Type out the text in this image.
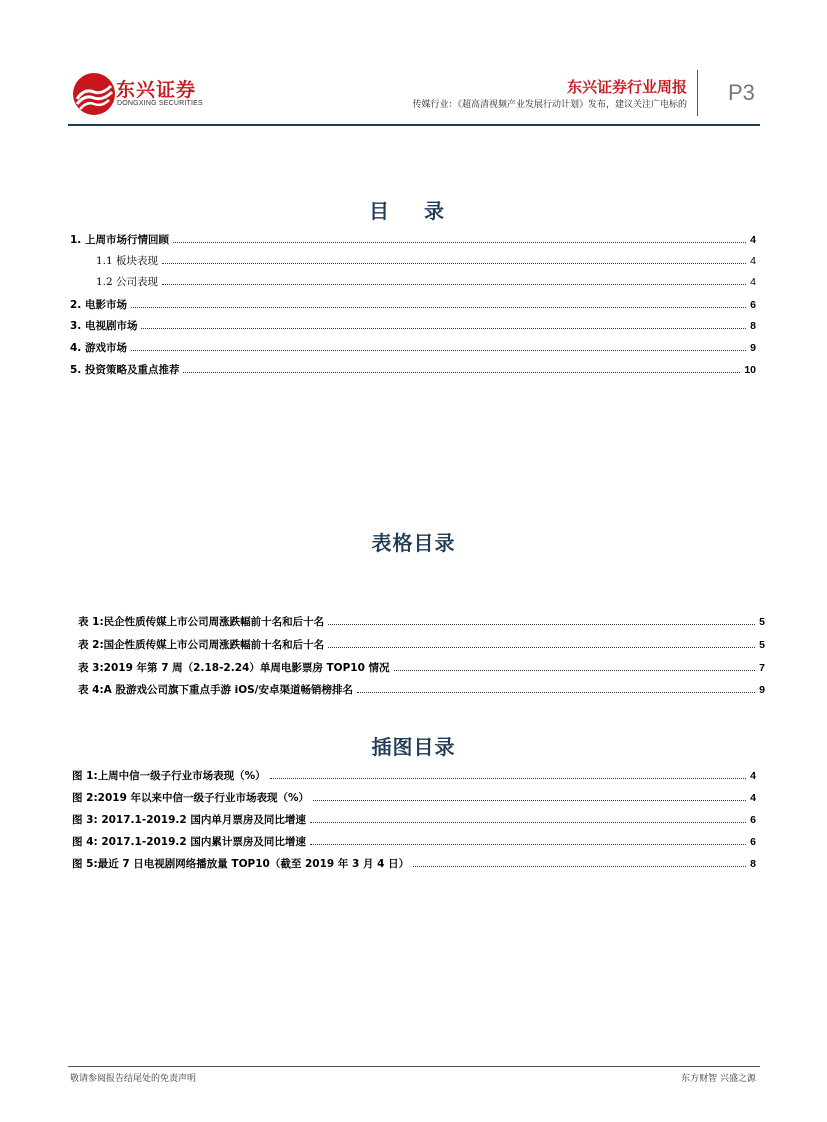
东兴证券
DONGXING SECURITIES
东兴证券行业周报
传媒行业：《超高清视频产业发展行动计划》发布，建议关注广电标的 P3
目 录
1. 上周市场行情回顾	4
1.1 板块表现	4
1.2 公司表现	4
2. 电影市场	6
3. 电视剧市场	8
4. 游戏市场	9
5. 投资策略及重点推荐	10
表格目录
表 1:民企性质传媒上市公司周涨跌幅前十名和后十名	5
表 2:国企性质传媒上市公司周涨跌幅前十名和后十名	5
表 3:2019 年第 7 周（2.18-2.24）单周电影票房 TOP10 情况	7
表 4:A 股游戏公司旗下重点手游 iOS/安卓渠道畅销榜排名	9
插图目录
图 1:上周中信一级子行业市场表现（%）	4
图 2:2019 年以来中信一级子行业市场表现（%）	4
图 3: 2017.1-2019.2 国内单月票房及同比增速	6
图 4: 2017.1-2019.2 国内累计票房及同比增速	6
图 5:最近 7 日电视剧网络播放量 TOP10（截至 2019 年 3 月 4 日）	8
敬请参阅报告结尾处的免责声明	东方财智 兴盛之源
